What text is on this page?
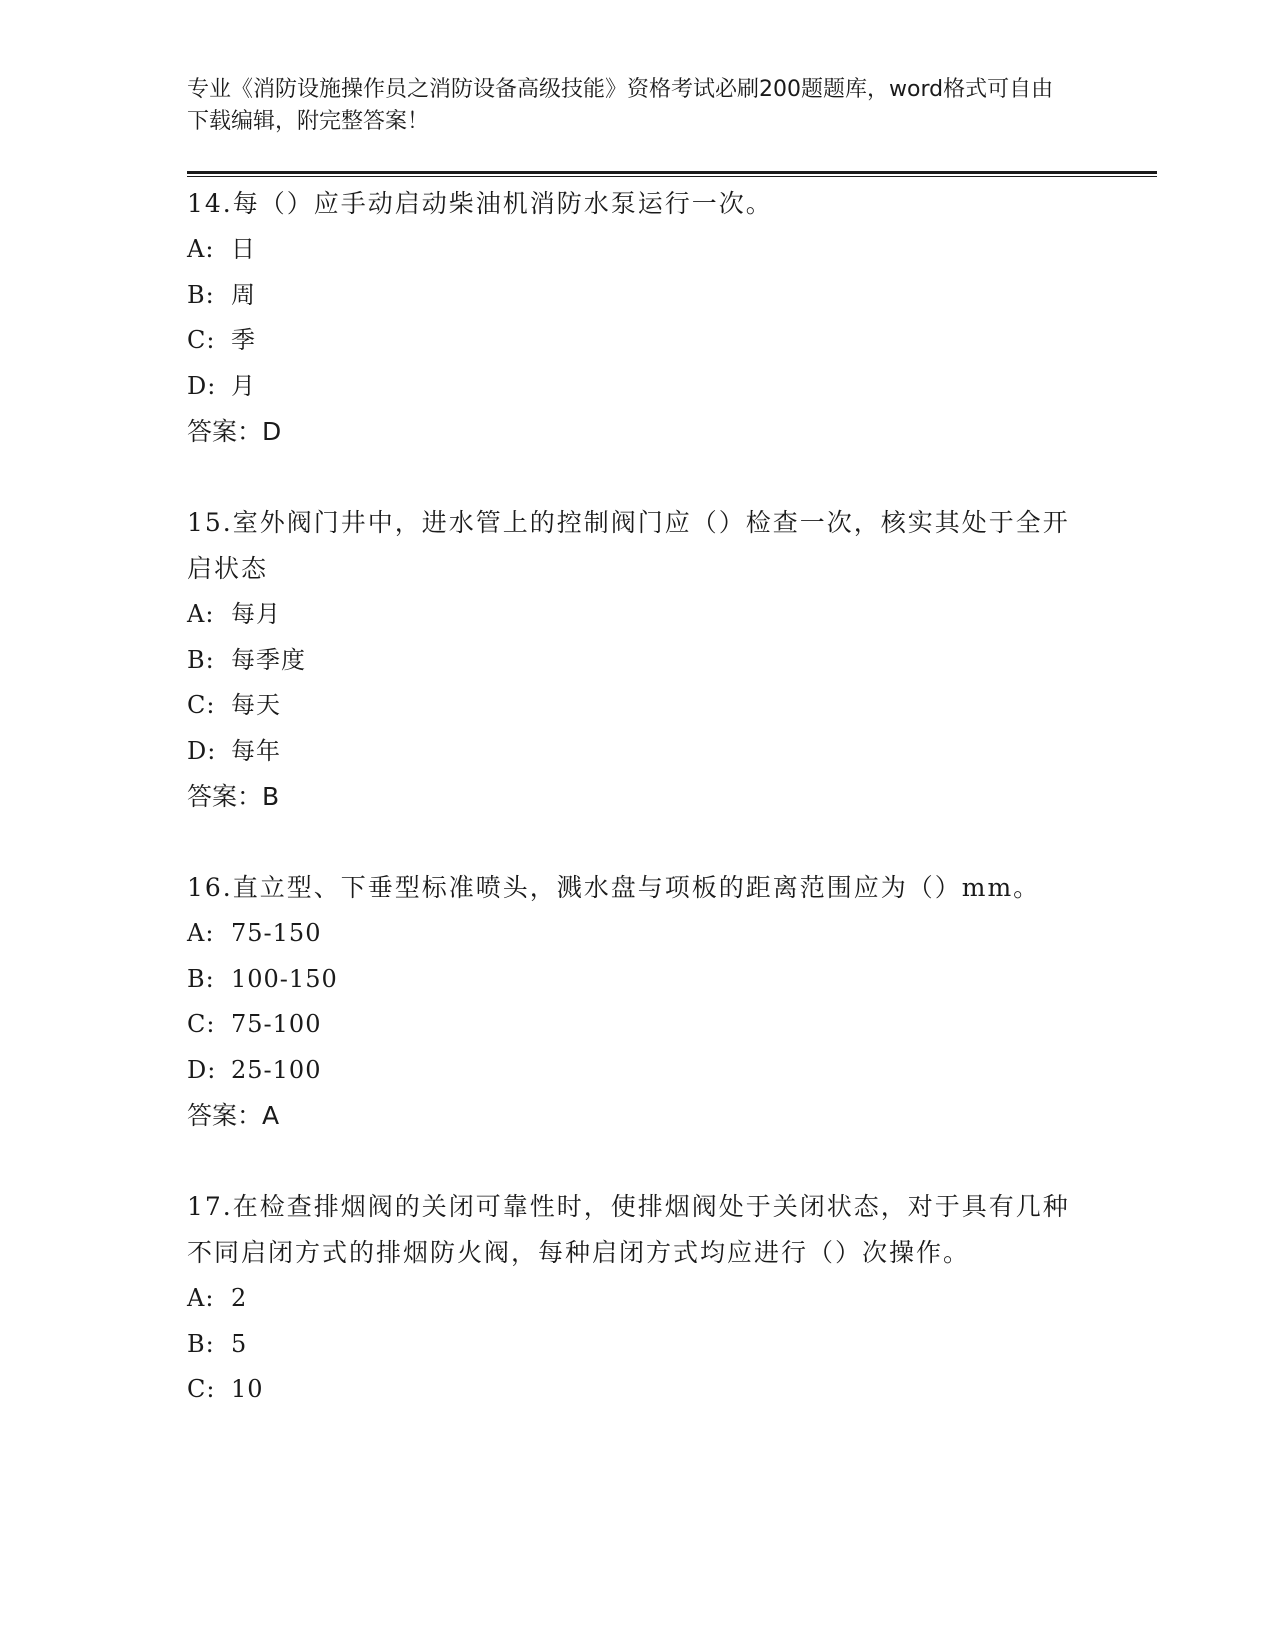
专业《消防设施操作员之消防设备高级技能》资格考试必刷200题题库，word格式可自由下载编辑，附完整答案！

14.每（）应手动启动柴油机消防水泵运行一次。

A: 日

B: 周

C: 季

D: 月

答案：D

15.室外阀门井中，进水管上的控制阀门应（）检查一次，核实其处于全开启状态

A: 每月

B: 每季度

C: 每天

D: 每年

答案：B

16.直立型、下垂型标准喷头，溅水盘与项板的距离范围应为（）mm。

A: 75-150

B: 100-150

C: 75-100

D: 25-100

答案：A

17.在检查排烟阀的关闭可靠性时，使排烟阀处于关闭状态，对于具有几种不同启闭方式的排烟防火阀，每种启闭方式均应进行（）次操作。

A: 2

B: 5

C: 10
